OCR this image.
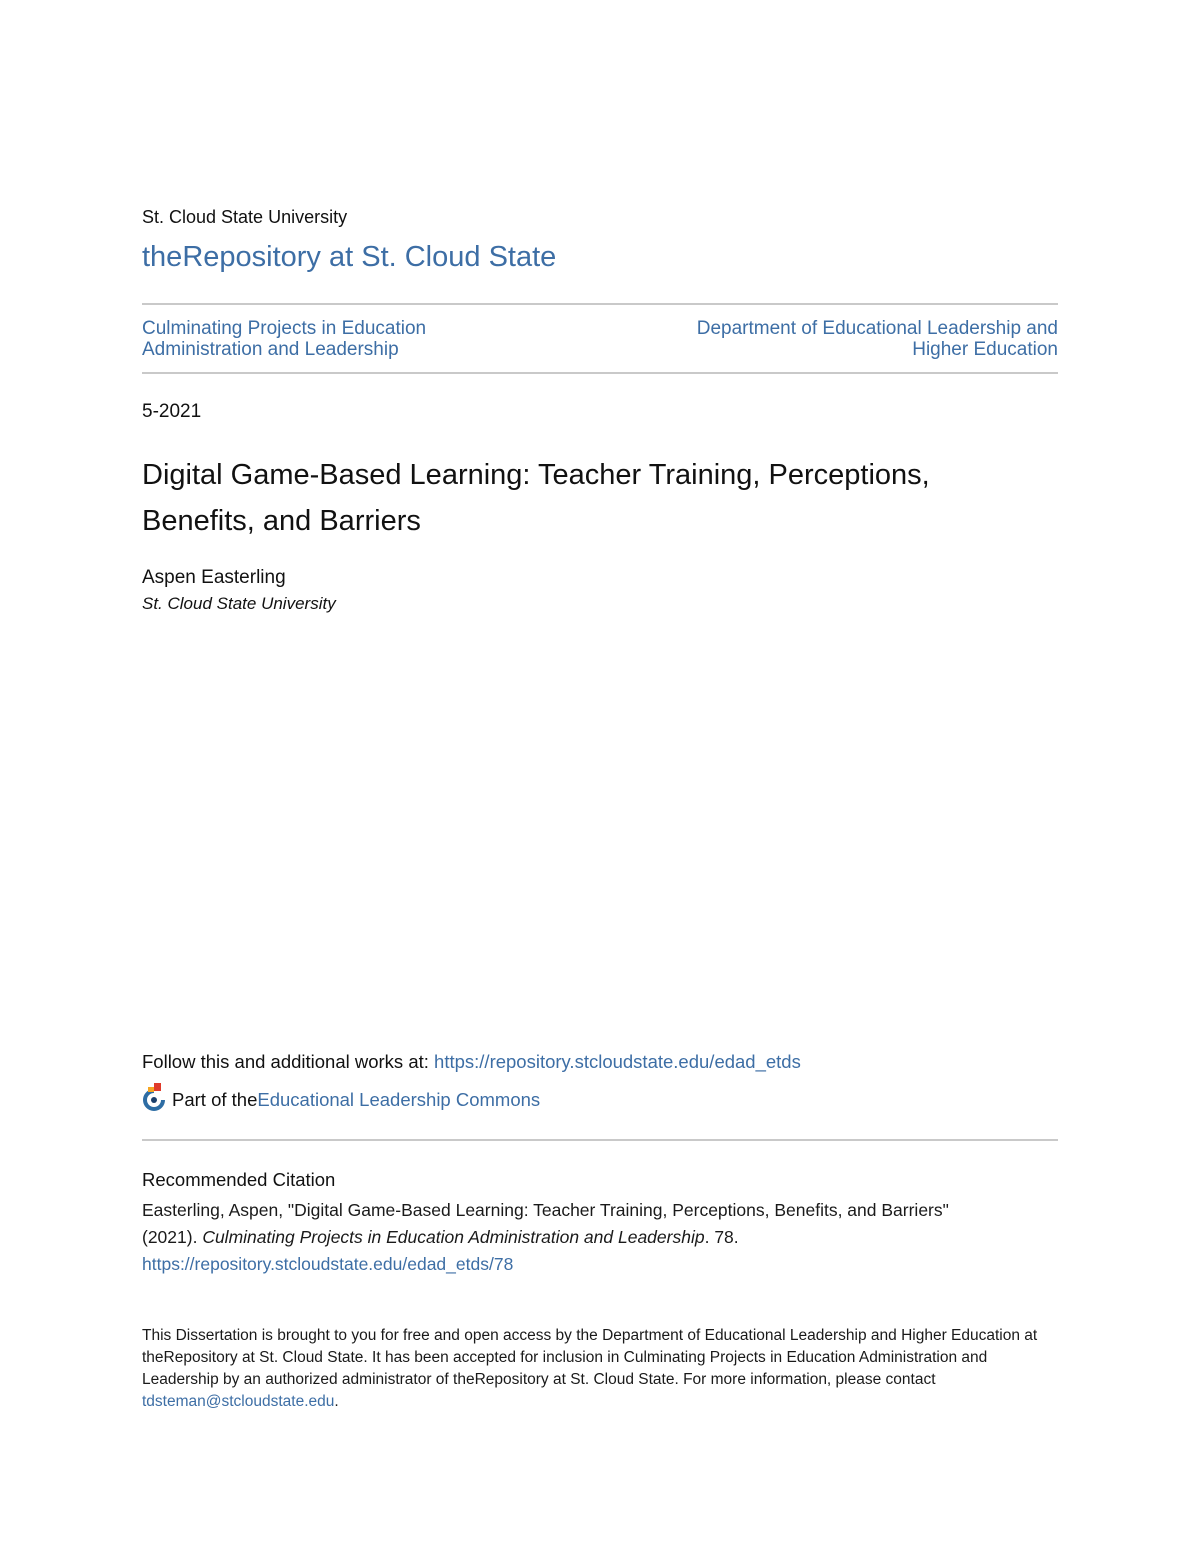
St. Cloud State University
theRepository at St. Cloud State
Culminating Projects in Education
Administration and Leadership
Department of Educational Leadership and
Higher Education
5-2021
Digital Game-Based Learning: Teacher Training, Perceptions,
Benefits, and Barriers
Aspen Easterling
St. Cloud State University
Follow this and additional works at: https://repository.stcloudstate.edu/edad_etds
Part of the Educational Leadership Commons
Recommended Citation
Easterling, Aspen, "Digital Game-Based Learning: Teacher Training, Perceptions, Benefits, and Barriers"
(2021). Culminating Projects in Education Administration and Leadership. 78.
https://repository.stcloudstate.edu/edad_etds/78
This Dissertation is brought to you for free and open access by the Department of Educational Leadership and Higher Education at theRepository at St. Cloud State. It has been accepted for inclusion in Culminating Projects in Education Administration and Leadership by an authorized administrator of theRepository at St. Cloud State. For more information, please contact tdsteman@stcloudstate.edu.
